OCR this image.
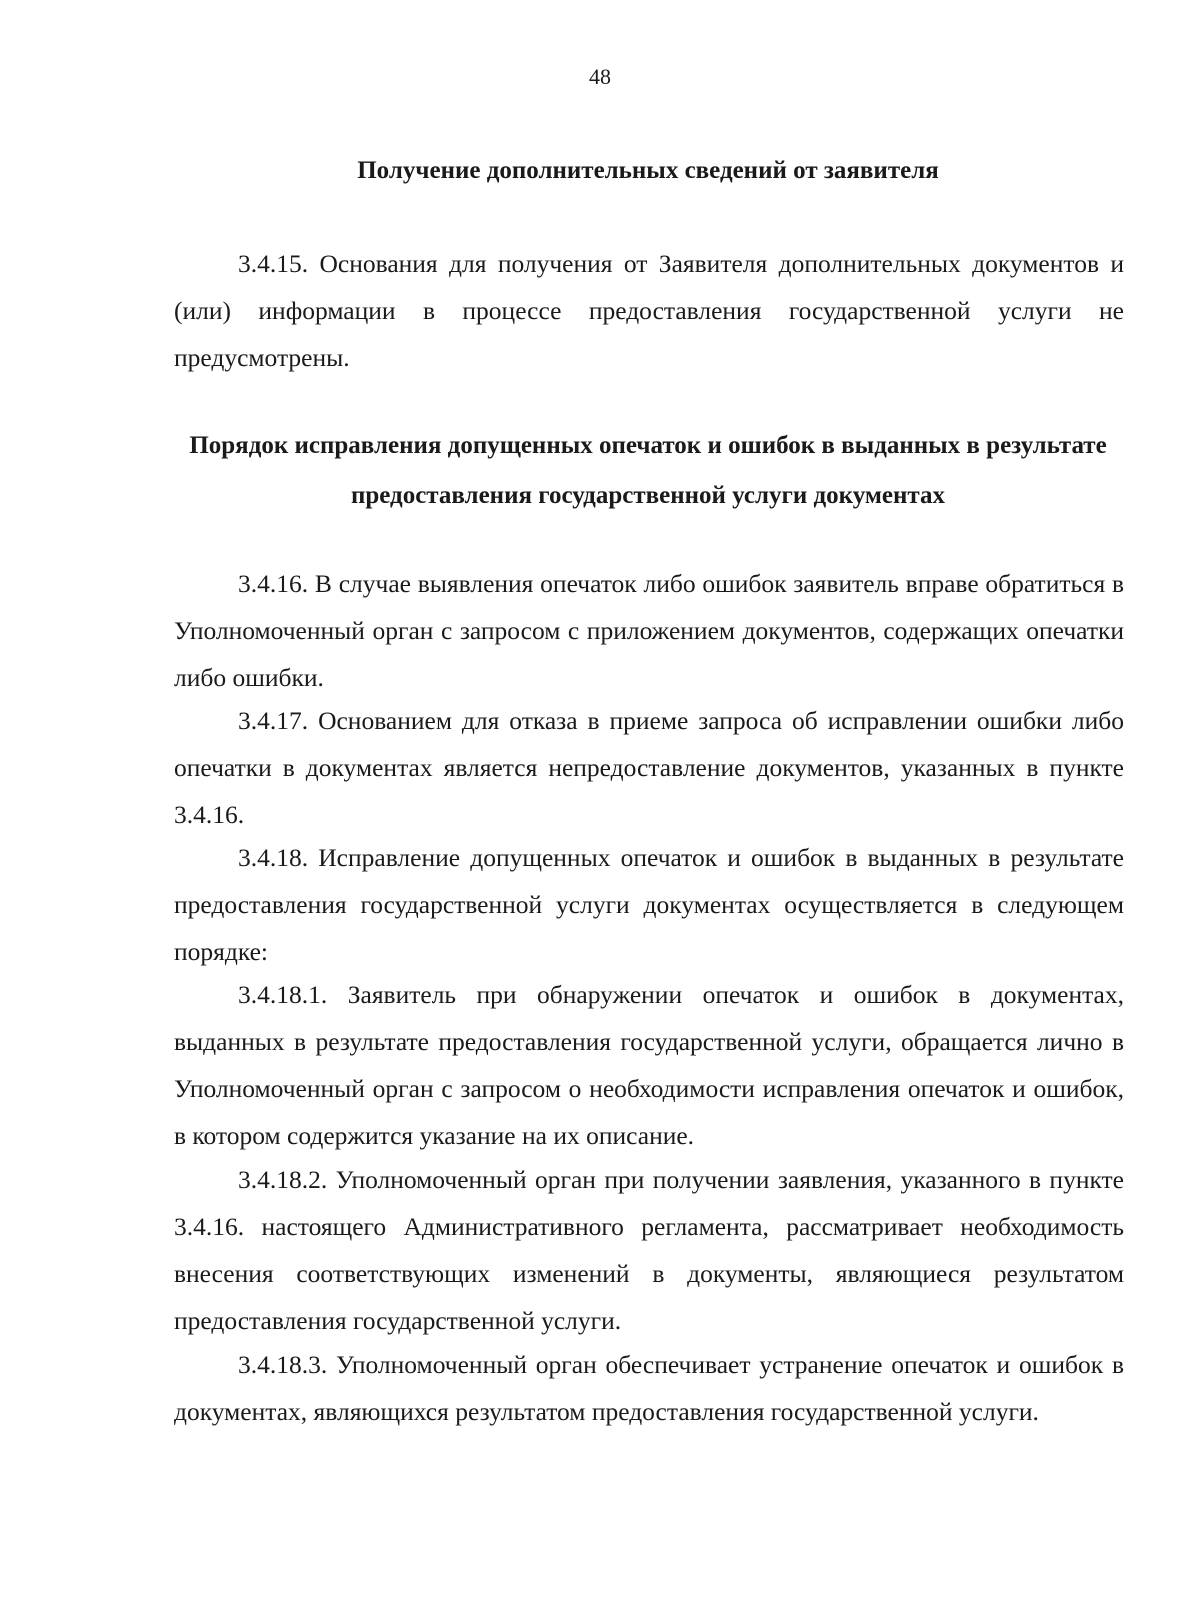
48
Получение дополнительных сведений от заявителя
3.4.15. Основания для получения от Заявителя дополнительных документов и (или) информации в процессе предоставления государственной услуги не предусмотрены.
Порядок исправления допущенных опечаток и ошибок в выданных в результате предоставления государственной услуги документах
3.4.16. В случае выявления опечаток либо ошибок заявитель вправе обратиться в Уполномоченный орган с запросом с приложением документов, содержащих опечатки либо ошибки.
3.4.17. Основанием для отказа в приеме запроса об исправлении ошибки либо опечатки в документах является непредоставление документов, указанных в пункте 3.4.16.
3.4.18. Исправление допущенных опечаток и ошибок в выданных в результате предоставления государственной услуги документах осуществляется в следующем порядке:
3.4.18.1. Заявитель при обнаружении опечаток и ошибок в документах, выданных в результате предоставления государственной услуги, обращается лично в Уполномоченный орган с запросом о необходимости исправления опечаток и ошибок, в котором содержится указание на их описание.
3.4.18.2. Уполномоченный орган при получении заявления, указанного в пункте 3.4.16. настоящего Административного регламента, рассматривает необходимость внесения соответствующих изменений в документы, являющиеся результатом предоставления государственной услуги.
3.4.18.3. Уполномоченный орган обеспечивает устранение опечаток и ошибок в документах, являющихся результатом предоставления государственной услуги.
